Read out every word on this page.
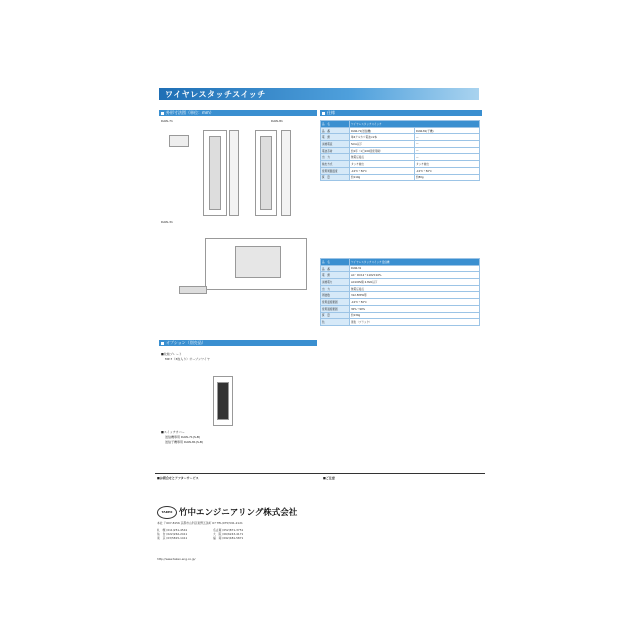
ワイヤレスタッチスイッチ
外形寸法図（単位：mm）
DAW-71	DAW-81
DAW-31
オプション（別売品）
■化粧プレート
MP-7（3枚入り）オープンワイヤ
■スイッチカバー
送信機専用 DAW-71(S-B)
送信子機専用 DAW-81(S-B)
仕様
品　名	ワイヤレスタッチスイッチ	
品　番	DAW-71(送信機)	DAW-81(子機)
電　源	単4アルカリ電池×2本	—
消費電流	5mA以下	—
電池寿命	約1年（1日100回使用時）	—
出　力	無電圧接点	—
検出方式	タッチ検出	タッチ検出
使用周囲温度	-10℃～50℃	-10℃～50℃
質　量	約110g	約80g
品　名	ワイヤレスタッチスイッチ受信機
品　番	DAW-31
電　源	AC・DC12～110V±10%
消費電力	AC100V時 2.8VA以下
出　力	無電圧接点
周波数	312.5MHz帯
使用温度範囲	-10℃～50℃
使用湿度範囲	30%～90%
質　量	約130g
色	黒色（ブラック）
■お問合せとアフターサービス	■ご注意
TAKEX 竹中エンジニアリング株式会社
本社 〒607-8156 京都市山科区東野五条町 67 TEL(075)591-2121
札　幌 (011)251-4541
仙　台 (022)262-2411
東　京 (03)5815-1411
名古屋 (052)871-3751
大　阪 (06)6243-4171
福　岡 (092)481-5871
http://www.takex-eng.co.jp/
